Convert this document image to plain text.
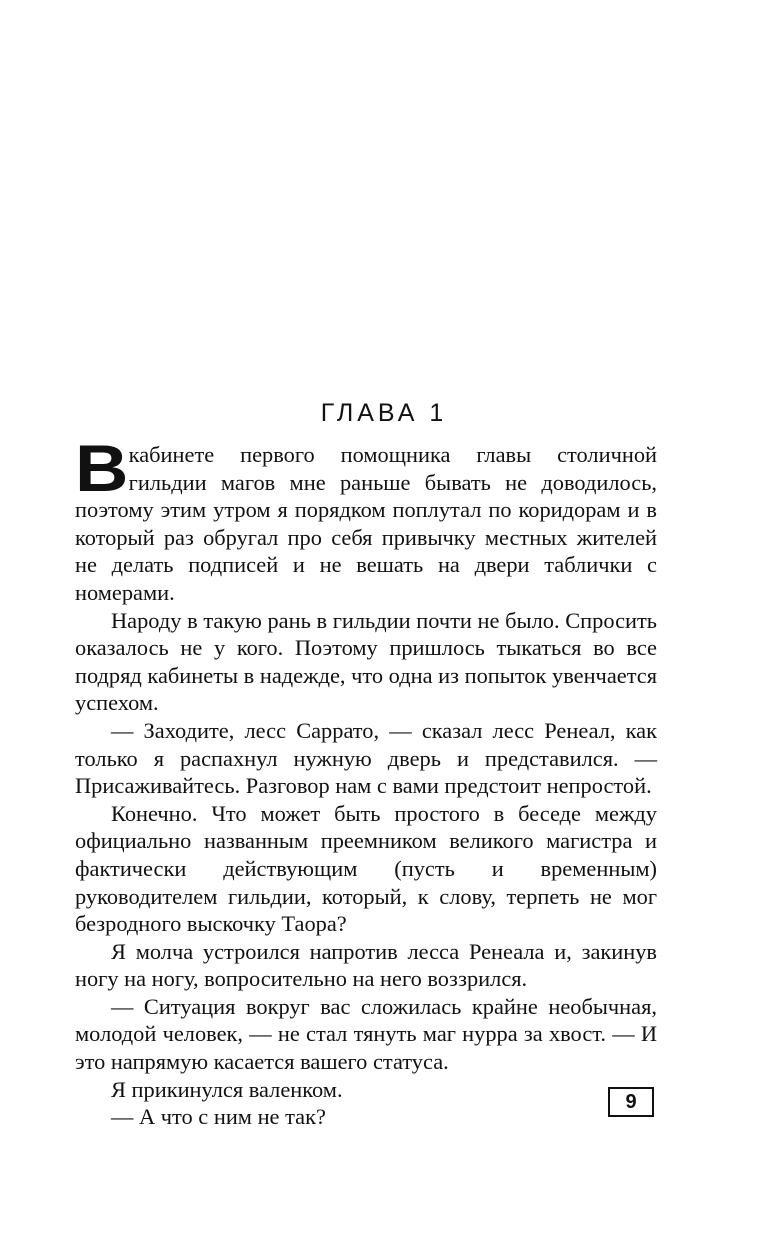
ГЛАВА 1

Вкабинете первого помощника главы столичной гильдии магов мне раньше бывать не доводилось, поэтому этим утром я порядком поплутал по коридорам и в который раз обругал про себя привычку местных жителей не делать подписей и не вешать на двери таблички с номерами.

Народу в такую рань в гильдии почти не было. Спросить оказалось не у кого. Поэтому пришлось тыкаться во все подряд кабинеты в надежде, что одна из попыток увенчается успехом.

— Заходите, лесс Саррато, — сказал лесс Ренеал, как только я распахнул нужную дверь и представился. — Присаживайтесь. Разговор нам с вами предстоит непростой.

Конечно. Что может быть простого в беседе между официально названным преемником великого магистра и фактически действующим (пусть и временным) руководителем гильдии, который, к слову, терпеть не мог безродного выскочку Таора?

Я молча устроился напротив лесса Ренеала и, закинув ногу на ногу, вопросительно на него воззрился.

— Ситуация вокруг вас сложилась крайне необычная, молодой человек, — не стал тянуть маг нурра за хвост. — И это напрямую касается вашего статуса.

Я прикинулся валенком.

— А что с ним не так?

9
